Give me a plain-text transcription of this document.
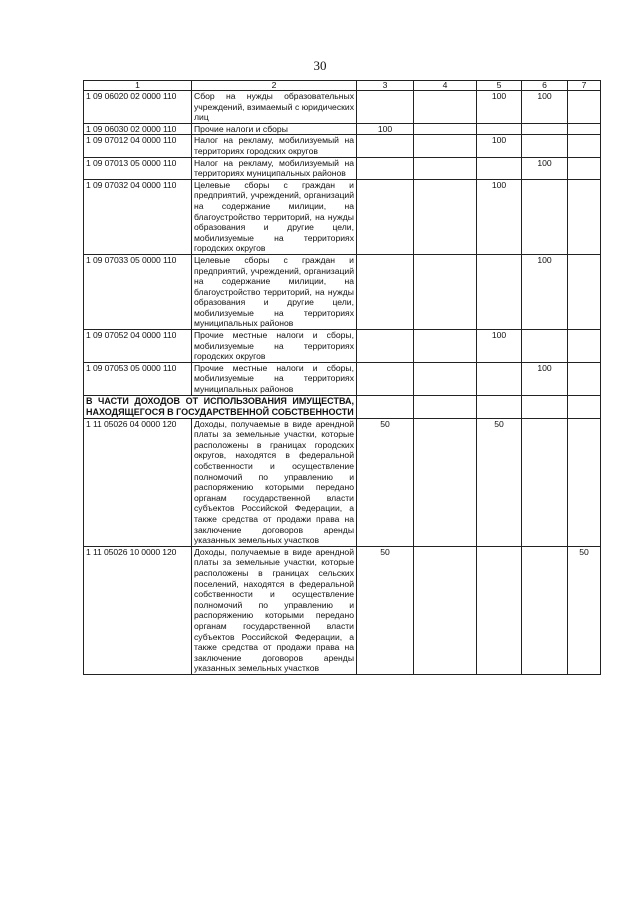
30
1	2	3	4	5	6	7
1 09 06020 02 0000 110	Сбор на нужды образовательных учреждений, взимаемый с юридических лиц			100	100	
1 09 06030 02 0000 110	Прочие налоги и сборы	100				
1 09 07012 04 0000 110	Налог на рекламу, мобилизуемый на территориях городских округов			100		
1 09 07013 05 0000 110	Налог на рекламу, мобилизуемый на территориях муниципальных районов				100	
1 09 07032 04 0000 110	Целевые сборы с граждан и предприятий, учреждений, организаций на содержание милиции, на благоустройство территорий, на нужды образования и другие цели, мобилизуемые на территориях городских округов			100		
1 09 07033 05 0000 110	Целевые сборы с граждан и предприятий, учреждений, организаций на содержание милиции, на благоустройство территорий, на нужды образования и другие цели, мобилизуемые на территориях муниципальных районов				100	
1 09 07052 04 0000 110	Прочие местные налоги и сборы, мобилизуемые на территориях городских округов			100		
1 09 07053 05 0000 110	Прочие местные налоги и сборы, мобилизуемые на территориях муниципальных районов				100	
В ЧАСТИ ДОХОДОВ ОТ ИСПОЛЬЗОВАНИЯ ИМУЩЕСТВА, НАХОДЯЩЕГОСЯ В ГОСУДАРСТВЕННОЙ СОБСТВЕННОСТИ						
1 11 05026 04 0000 120	Доходы, получаемые в виде арендной платы за земельные участки, которые расположены в границах городских округов, находятся в федеральной собственности и осуществление полномочий по управлению и распоряжению которыми передано органам государственной власти субъектов Российской Федерации, а также средства от продажи права на заключение договоров аренды указанных земельных участков	50		50		
1 11 05026 10 0000 120	Доходы, получаемые в виде арендной платы за земельные участки, которые расположены в границах сельских поселений, находятся в федеральной собственности и осуществление полномочий по управлению и распоряжению которыми передано органам государственной власти субъектов Российской Федерации, а также средства от продажи права на заключение договоров аренды указанных земельных участков	50				50
